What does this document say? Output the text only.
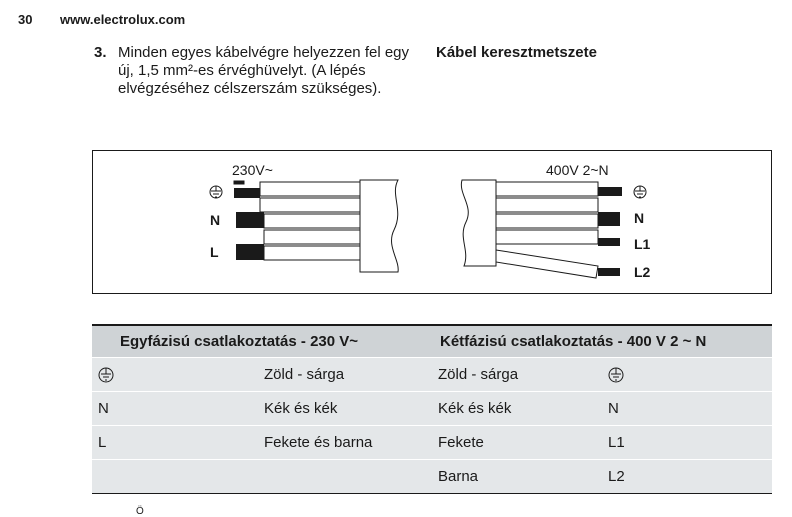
30 www.electrolux.com
3. Minden egyes kábelvégre helyezzen fel egy új, 1,5 mm²-es érvéghüvelyt. (A lépés elvégzéséhez célszerszám szükséges).
Kábel keresztmetszete
230V~	400V 2~N
N
L
N
L1
L2
Egyfázisú csatlakoztatás - 230 V~		Kétfázisú csatlakoztatás - 400 V 2 ~ N	
	Zöld - sárga	Zöld - sárga	
N	Kék és kék	Kék és kék	N
L	Fekete és barna	Fekete	L1
		Barna	L2
Ö
